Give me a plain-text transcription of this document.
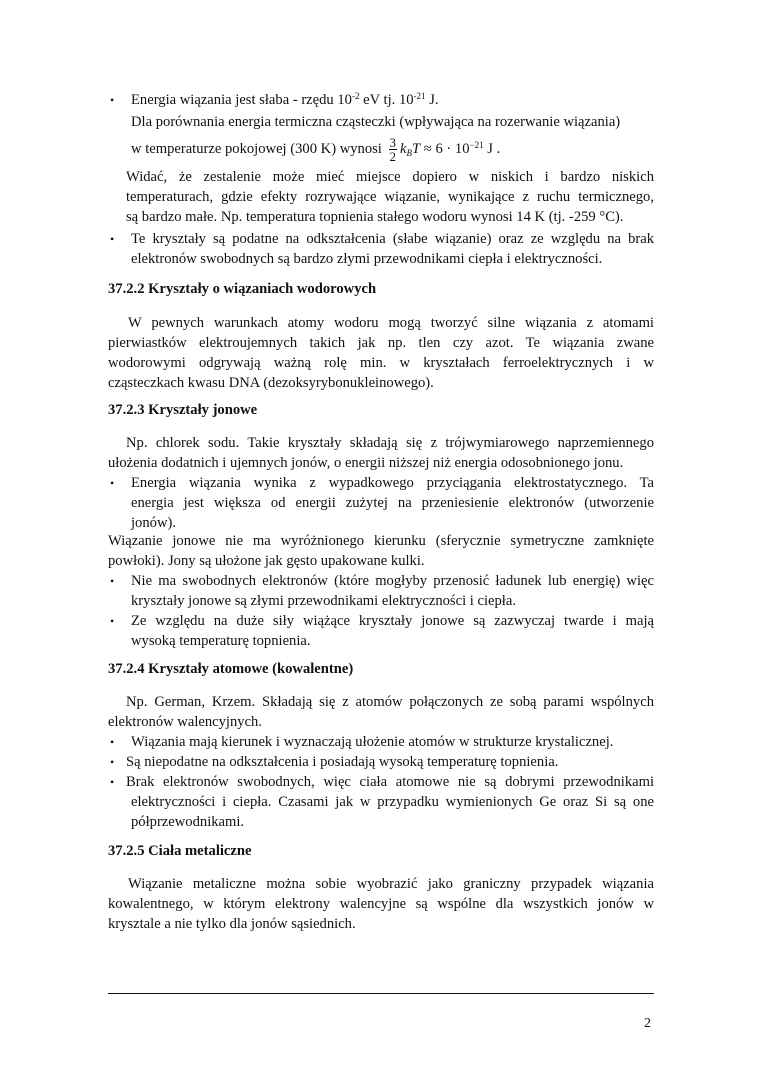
• Energia wiązania jest słaba - rzędu $10^{-2}$ eV tj. $10^{-21}$ J.
Dla porównania energia termiczna cząsteczki (wpływająca na rozerwanie wiązania)
w temperaturze pokojowej (300 K) wynosi $\frac{3}{2} k_BT \approx 6 \cdot 10^{-21}$ J .
Widać, że zestalenie może mieć miejsce dopiero w niskich i bardzo niskich
temperaturach, gdzie efekty rozrywające wiązanie, wynikające z ruchu termicznego,
są bardzo małe. Np. temperatura topnienia stałego wodoru wynosi 14 K (tj. -259 °C).
• Te kryształy są podatne na odkształcenia (słabe wiązanie) oraz ze względu na brak
elektronów swobodnych są bardzo złymi przewodnikami ciepła i elektryczności.
37.2.2 Kryształy o wiązaniach wodorowych
W pewnych warunkach atomy wodoru mogą tworzyć silne wiązania z atomami
pierwiastków elektroujemnych takich jak np. tlen czy azot. Te wiązania zwane
wodorowymi odgrywają ważną rolę min. w kryształach ferroelektrycznych i w
cząsteczkach kwasu DNA (dezoksyrybonukleinowego).
37.2.3 Kryształy jonowe
Np. chlorek sodu. Takie kryształy składają się z trójwymiarowego naprzemiennego
ułożenia dodatnich i ujemnych jonów, o energii niższej niż energia odosobnionego jonu.
• Energia wiązania wynika z wypadkowego przyciągania elektrostatycznego. Ta
energia jest większa od energii zużytej na przeniesienie elektronów (utworzenie
jonów).
Wiązanie jonowe nie ma wyróżnionego kierunku (sferycznie symetryczne zamknięte
powłoki). Jony są ułożone jak gęsto upakowane kulki.
• Nie ma swobodnych elektronów (które mogłyby przenosić ładunek lub energię) więc
kryształy jonowe są złymi przewodnikami elektryczności i ciepła.
• Ze względu na duże siły wiążące kryształy jonowe są zazwyczaj twarde i mają
wysoką temperaturę topnienia.
37.2.4 Kryształy atomowe (kowalentne)
Np. German, Krzem. Składają się z atomów połączonych ze sobą parami wspólnych
elektronów walencyjnych.
• Wiązania mają kierunek i wyznaczają ułożenie atomów w strukturze krystalicznej.
• Są niepodatne na odkształcenia i posiadają wysoką temperaturę topnienia.
• Brak elektronów swobodnych, więc ciała atomowe nie są dobrymi przewodnikami
elektryczności i ciepła. Czasami jak w przypadku wymienionych Ge oraz Si są one
półprzewodnikami.
37.2.5 Ciała metaliczne
Wiązanie metaliczne można sobie wyobrazić jako graniczny przypadek wiązania
kowalentnego, w którym elektrony walencyjne są wspólne dla wszystkich jonów w
krysztale a nie tylko dla jonów sąsiednich.
2
